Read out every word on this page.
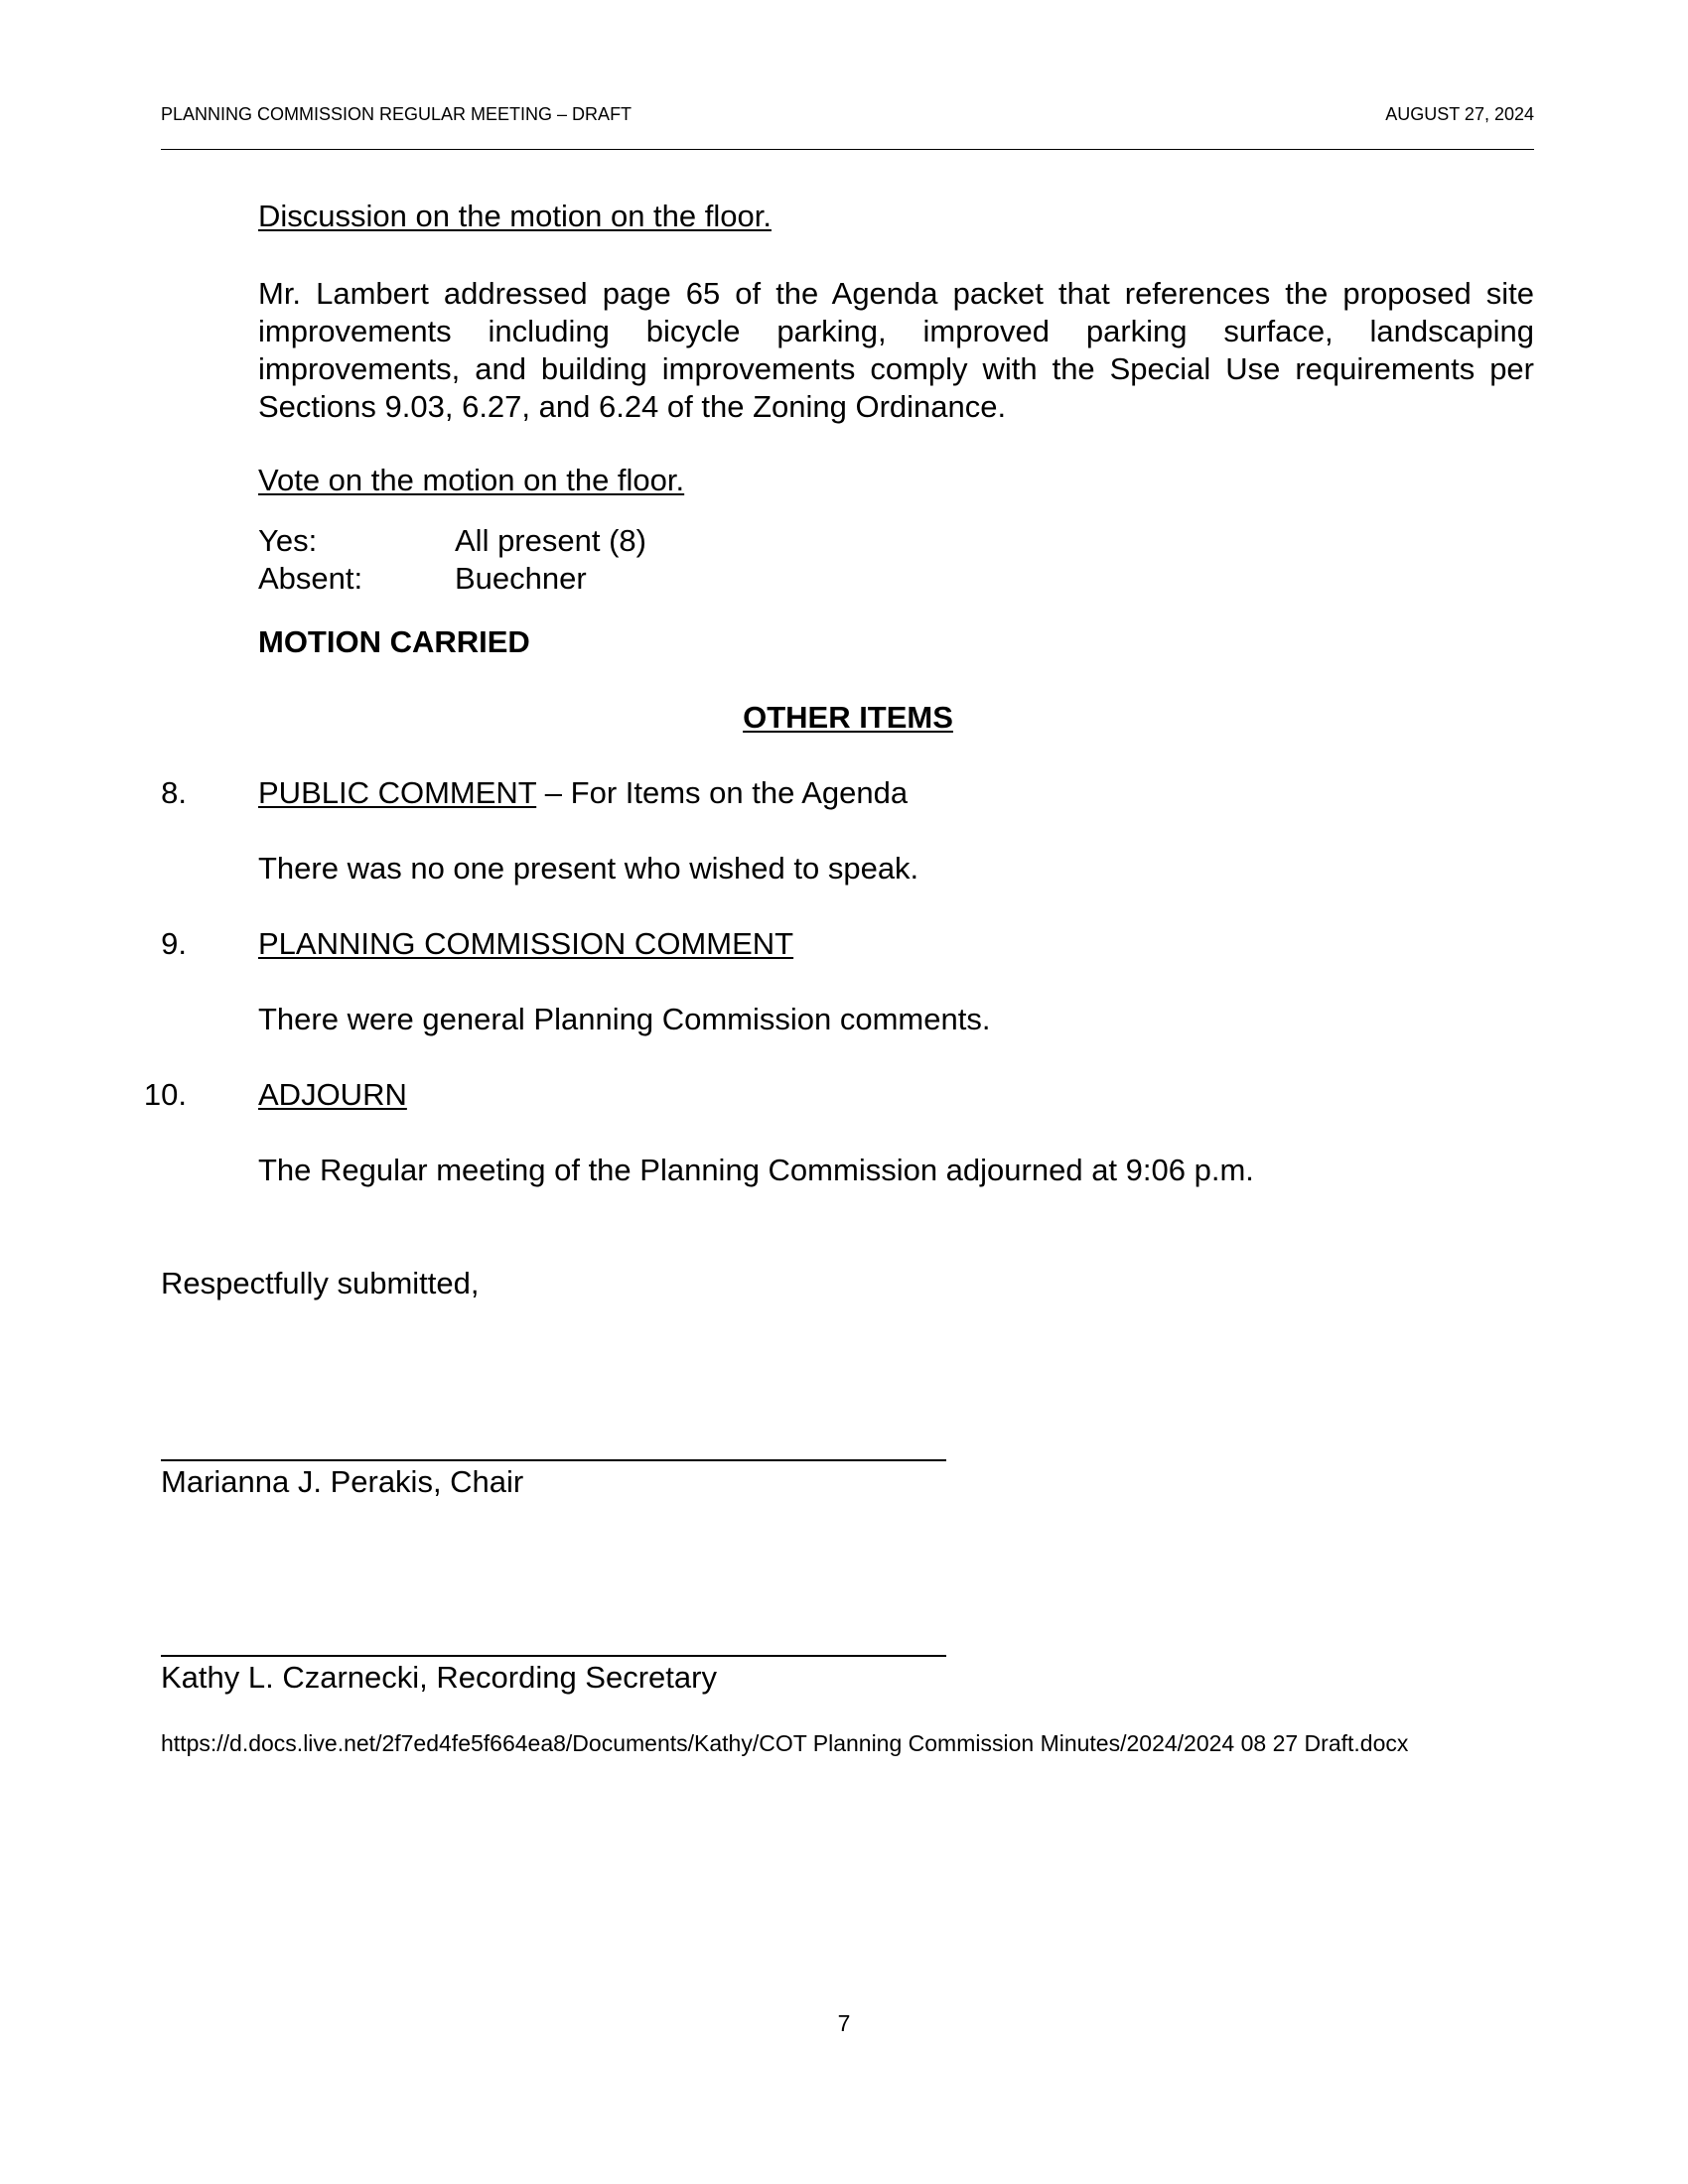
PLANNING COMMISSION REGULAR MEETING – DRAFT	AUGUST 27, 2024
Discussion on the motion on the floor.
Mr. Lambert addressed page 65 of the Agenda packet that references the proposed site improvements including bicycle parking, improved parking surface, landscaping improvements, and building improvements comply with the Special Use requirements per Sections 9.03, 6.27, and 6.24 of the Zoning Ordinance.
Vote on the motion on the floor.
Yes:	All present (8)
Absent:	Buechner
MOTION CARRIED
OTHER ITEMS
8. PUBLIC COMMENT – For Items on the Agenda
There was no one present who wished to speak.
9. PLANNING COMMISSION COMMENT
There were general Planning Commission comments.
10. ADJOURN
The Regular meeting of the Planning Commission adjourned at 9:06 p.m.
Respectfully submitted,
Marianna J. Perakis, Chair
Kathy L. Czarnecki, Recording Secretary
https://d.docs.live.net/2f7ed4fe5f664ea8/Documents/Kathy/COT Planning Commission Minutes/2024/2024 08 27 Draft.docx
7
